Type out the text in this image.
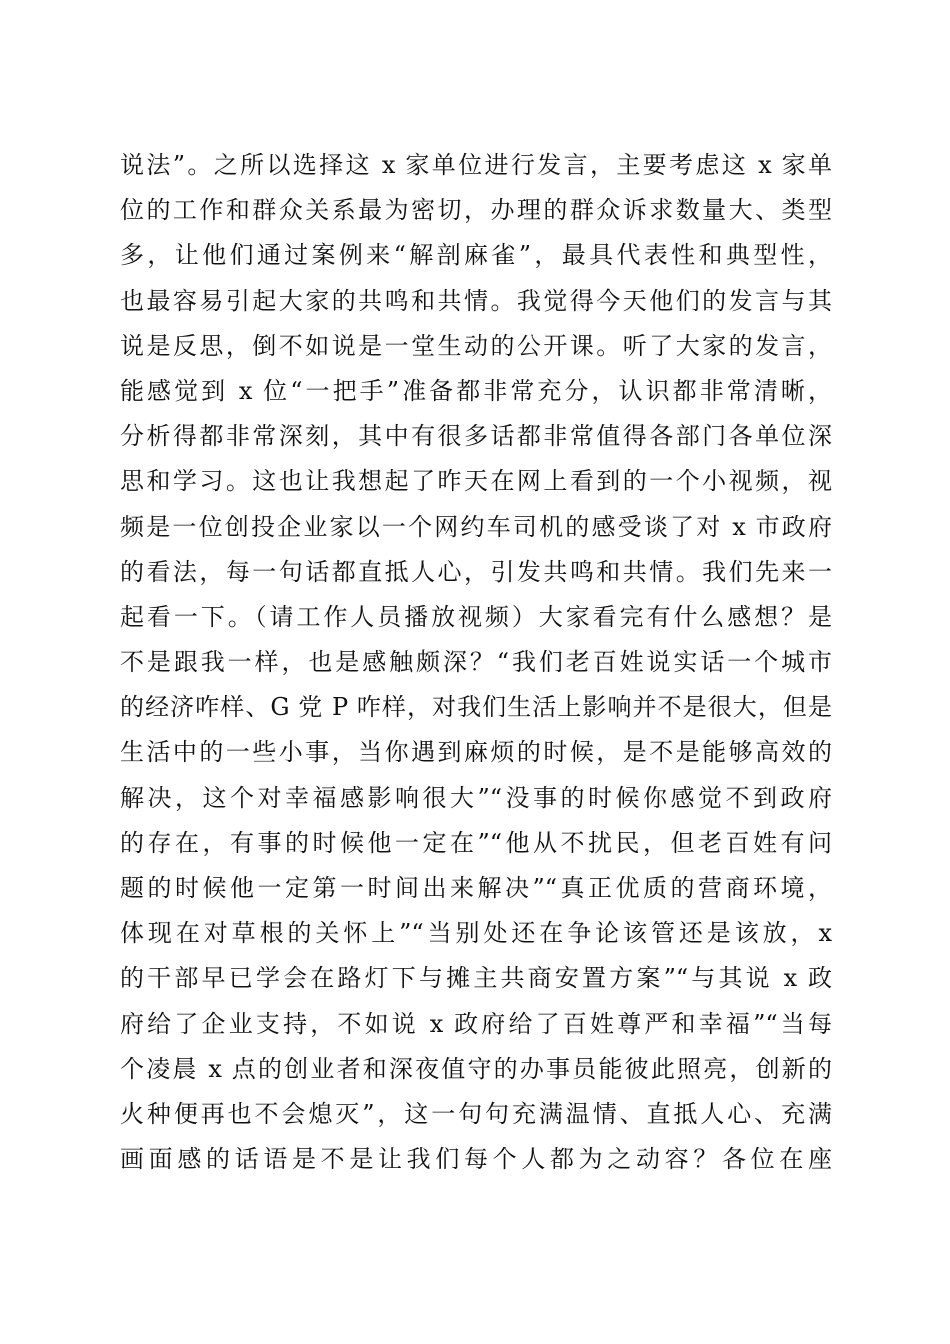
说法”。之所以选择这 x 家单位进行发言，主要考虑这 x 家单
位的工作和群众关系最为密切，办理的群众诉求数量大、类型
多，让他们通过案例来“解剖麻雀”，最具代表性和典型性，
也最容易引起大家的共鸣和共情。我觉得今天他们的发言与其
说是反思，倒不如说是一堂生动的公开课。听了大家的发言，
能感觉到 x 位“一把手”准备都非常充分，认识都非常清晰，
分析得都非常深刻，其中有很多话都非常值得各部门各单位深
思和学习。这也让我想起了昨天在网上看到的一个小视频，视
频是一位创投企业家以一个网约车司机的感受谈了对 x 市政府
的看法，每一句话都直抵人心，引发共鸣和共情。我们先来一
起看一下。（请工作人员播放视频）大家看完有什么感想？是
不是跟我一样，也是感触颇深？“我们老百姓说实话一个城市
的经济咋样、G 党 P 咋样，对我们生活上影响并不是很大，但是
生活中的一些小事，当你遇到麻烦的时候，是不是能够高效的
解决，这个对幸福感影响很大”“没事的时候你感觉不到政府
的存在，有事的时候他一定在”“他从不扰民，但老百姓有问
题的时候他一定第一时间出来解决”“真正优质的营商环境，
体现在对草根的关怀上”“当别处还在争论该管还是该放，x
的干部早已学会在路灯下与摊主共商安置方案”“与其说 x 政
府给了企业支持，不如说 x 政府给了百姓尊严和幸福”“当每
个凌晨 x 点的创业者和深夜值守的办事员能彼此照亮，创新的
火种便再也不会熄灭”，这一句句充满温情、直抵人心、充满
画面感的话语是不是让我们每个人都为之动容？各位在座
